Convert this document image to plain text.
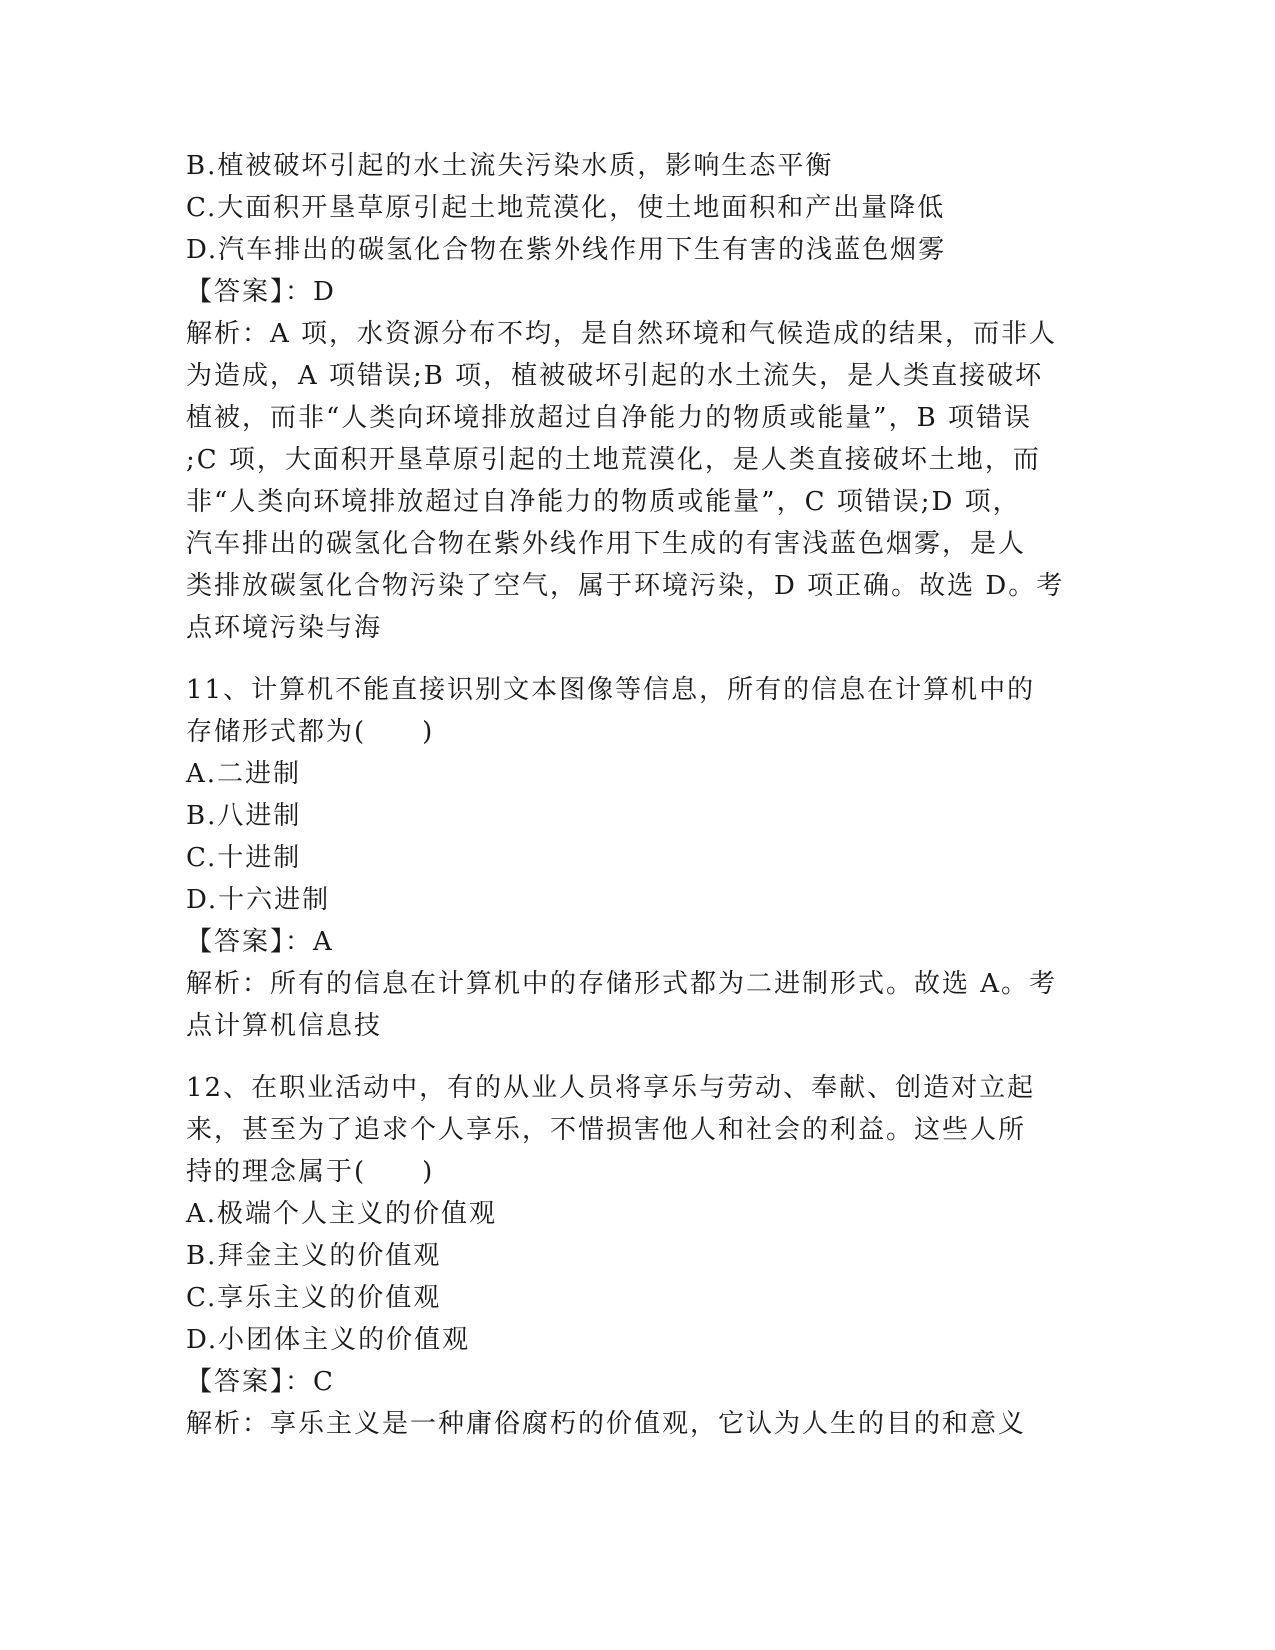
B.植被破坏引起的水土流失污染水质，影响生态平衡
C.大面积开垦草原引起土地荒漠化，使土地面积和产出量降低
D.汽车排出的碳氢化合物在紫外线作用下生有害的浅蓝色烟雾
【答案】：D
解析：A 项，水资源分布不均，是自然环境和气候造成的结果，而非人
为造成，A 项错误;B 项，植被破坏引起的水土流失，是人类直接破坏
植被，而非“人类向环境排放超过自净能力的物质或能量”，B 项错误
;C 项，大面积开垦草原引起的土地荒漠化，是人类直接破坏土地，而
非“人类向环境排放超过自净能力的物质或能量”，C 项错误;D 项，
汽车排出的碳氢化合物在紫外线作用下生成的有害浅蓝色烟雾，是人
类排放碳氢化合物污染了空气，属于环境污染，D 项正确。故选 D。考
点环境污染与海
11、计算机不能直接识别文本图像等信息，所有的信息在计算机中的
存储形式都为(　　)
A.二进制
B.八进制
C.十进制
D.十六进制
【答案】：A
解析：所有的信息在计算机中的存储形式都为二进制形式。故选 A。考
点计算机信息技
12、在职业活动中，有的从业人员将享乐与劳动、奉献、创造对立起
来，甚至为了追求个人享乐，不惜损害他人和社会的利益。这些人所
持的理念属于(　　)
A.极端个人主义的价值观
B.拜金主义的价值观
C.享乐主义的价值观
D.小团体主义的价值观
【答案】：C
解析：享乐主义是一种庸俗腐朽的价值观，它认为人生的目的和意义
